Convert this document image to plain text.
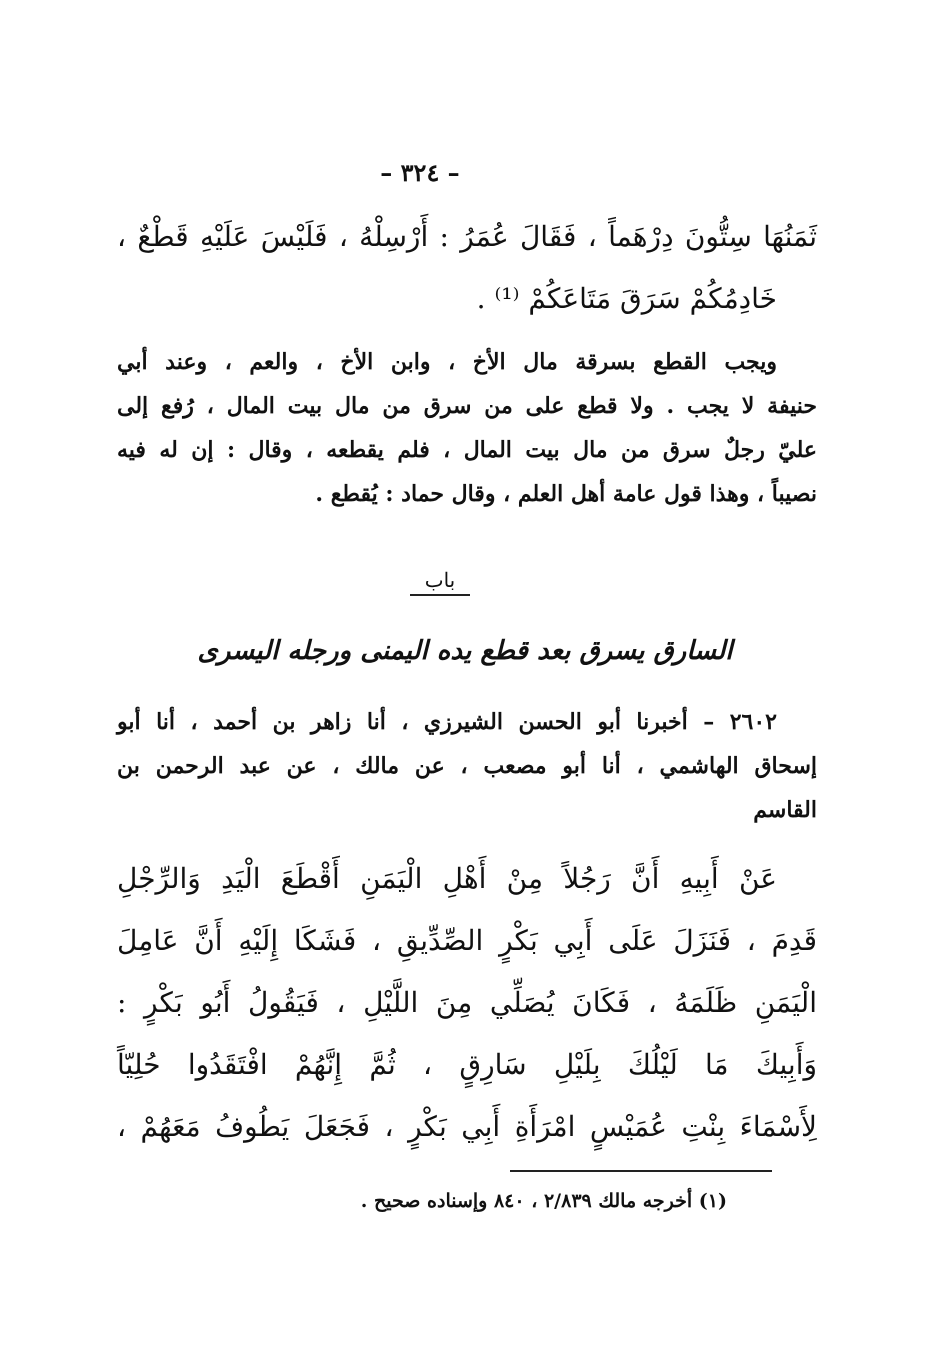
– ٣٢٤ –
ثَمَنُهَا سِتُّونَ دِرْهَماً ، فَقَالَ عُمَرُ : أَرْسِلْهُ ، فَلَيْسَ عَلَيْهِ قَطْعٌ ،
خَادِمُكُمْ سَرَقَ مَتَاعَكُمْ ⁽¹⁾ .
ويجب القطع بسرقة مال الأخ ، وابن الأخ ، والعم ، وعند أبي
حنيفة لا يجب . ولا قطع على من سرق من مال بيت المال ، رُفع إلى
عليّ رجلٌ سرق من مال بيت المال ، فلم يقطعه ، وقال : إن له فيه
نصيباً ، وهذا قول عامة أهل العلم ، وقال حماد : يُقطع .
باب
السارق يسرق بعد قطع يده اليمنى ورجله اليسرى
٢٦٠٢ – أخبرنا أبو الحسن الشيرزي ، أنا زاهر بن أحمد ، أنا أبو
إسحاق الهاشمي ، أنا أبو مصعب ، عن مالك ، عن عبد الرحمن بن
القاسم
عَنْ أَبِيهِ أَنَّ رَجُلاً مِنْ أَهْلِ الْيَمَنِ أَقْطَعَ الْيَدِ وَالرِّجْلِ
قَدِمَ ، فَنَزَلَ عَلَى أَبِي بَكْرٍ الصِّدِّيقِ ، فَشَكَا إِلَيْهِ أَنَّ عَامِلَ
الْيَمَنِ ظَلَمَهُ ، فَكَانَ يُصَلِّي مِنَ اللَّيْلِ ، فَيَقُولُ أَبُو بَكْرٍ :
وَأَبِيكَ مَا لَيْلُكَ بِلَيْلِ سَارِقٍ ، ثُمَّ إِنَّهُمْ افْتَقَدُوا حُلِيّاً
لِأَسْمَاءَ بِنْتِ عُمَيْسٍ امْرَأَةِ أَبِي بَكْرٍ ، فَجَعَلَ يَطُوفُ مَعَهُمْ ،
(١) أخرجه مالك ٢/٨٣٩ ، ٨٤٠ وإسناده صحيح .
